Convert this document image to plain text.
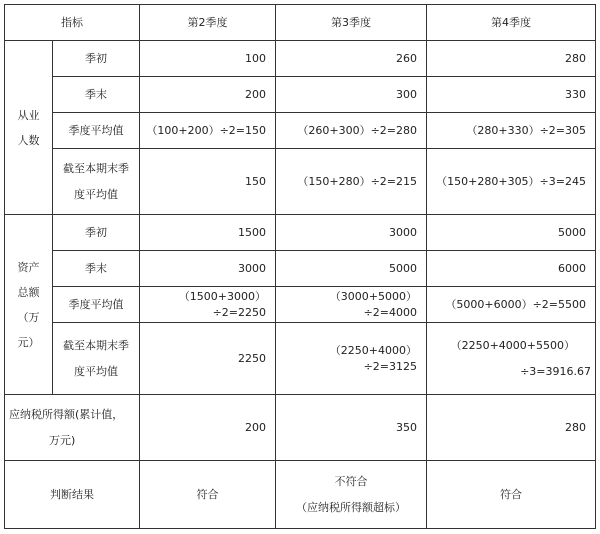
指标		第2季度	第3季度	第4季度

从业
人数	季初	100	260	280
	季末	200	300	330
	季度平均值	（100+200）÷2=150	（260+300）÷2=280	（280+330）÷2=305

	截至本期末季
度平均值	150	（150+280）÷2=215	（150+280+305）÷3=245

资产
总额
（万
元）	季初	1500	3000	5000
	季末	3000	5000	6000
	季度平均值	（1500+3000）÷2=2250	（3000+5000）÷2=4000	（5000+6000）÷2=5500

	截至本期末季
度平均值	2250	（2250+4000）÷2=3125	（2250+4000+5500）
÷3=3916.67

应纳税所得额(累计值，
万元)		200	350	280
判断结果		符合	不符合
（应纳税所得额超标）	符合
